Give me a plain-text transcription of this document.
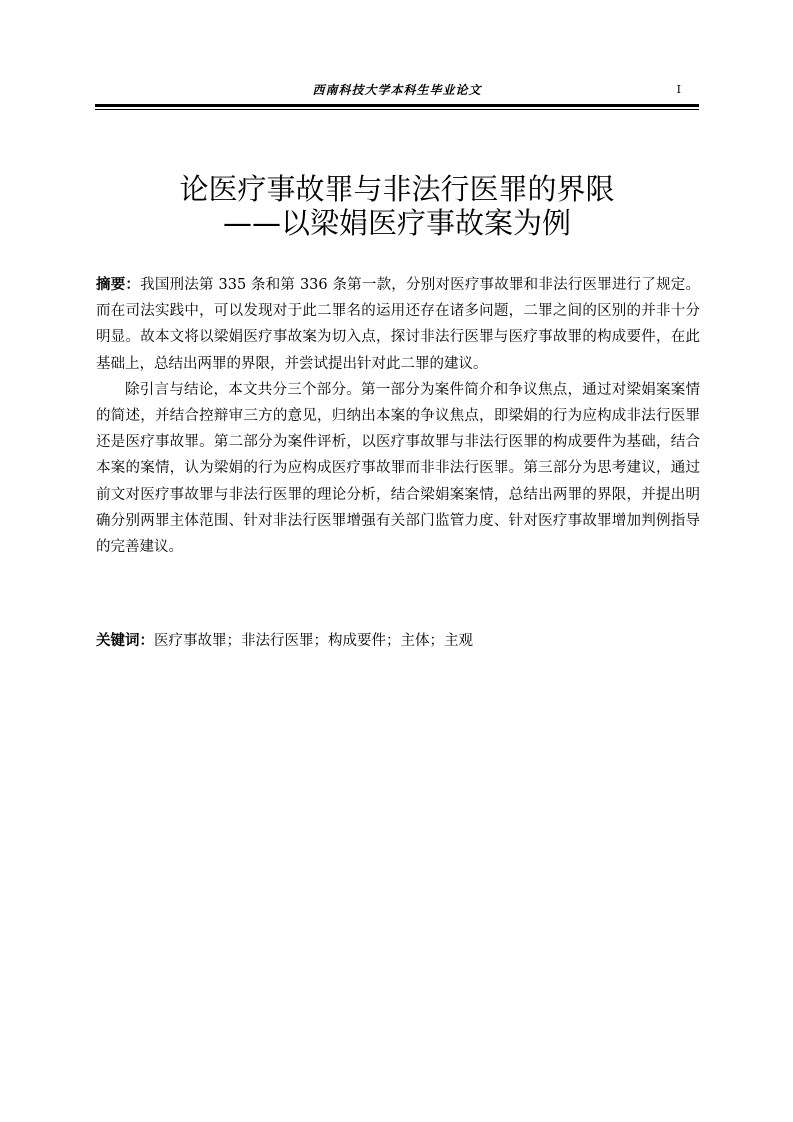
西南科技大学本科生毕业论文	I
论医疗事故罪与非法行医罪的界限
——以梁娟医疗事故案为例

摘要：我国刑法第 335 条和第 336 条第一款，分别对医疗事故罪和非法行医罪进行了规定。而在司法实践中，可以发现对于此二罪名的运用还存在诸多问题，二罪之间的区别的并非十分明显。故本文将以梁娟医疗事故案为切入点，探讨非法行医罪与医疗事故罪的构成要件，在此基础上，总结出两罪的界限，并尝试提出针对此二罪的建议。

除引言与结论，本文共分三个部分。第一部分为案件简介和争议焦点，通过对梁娟案案情的简述，并结合控辩审三方的意见，归纳出本案的争议焦点，即梁娟的行为应构成非法行医罪还是医疗事故罪。第二部分为案件评析，以医疗事故罪与非法行医罪的构成要件为基础，结合本案的案情，认为梁娟的行为应构成医疗事故罪而非非法行医罪。第三部分为思考建议，通过前文对医疗事故罪与非法行医罪的理论分析，结合梁娟案案情，总结出两罪的界限，并提出明确分别两罪主体范围、针对非法行医罪增强有关部门监管力度、针对医疗事故罪增加判例指导的完善建议。

关键词：医疗事故罪；非法行医罪；构成要件；主体；主观
